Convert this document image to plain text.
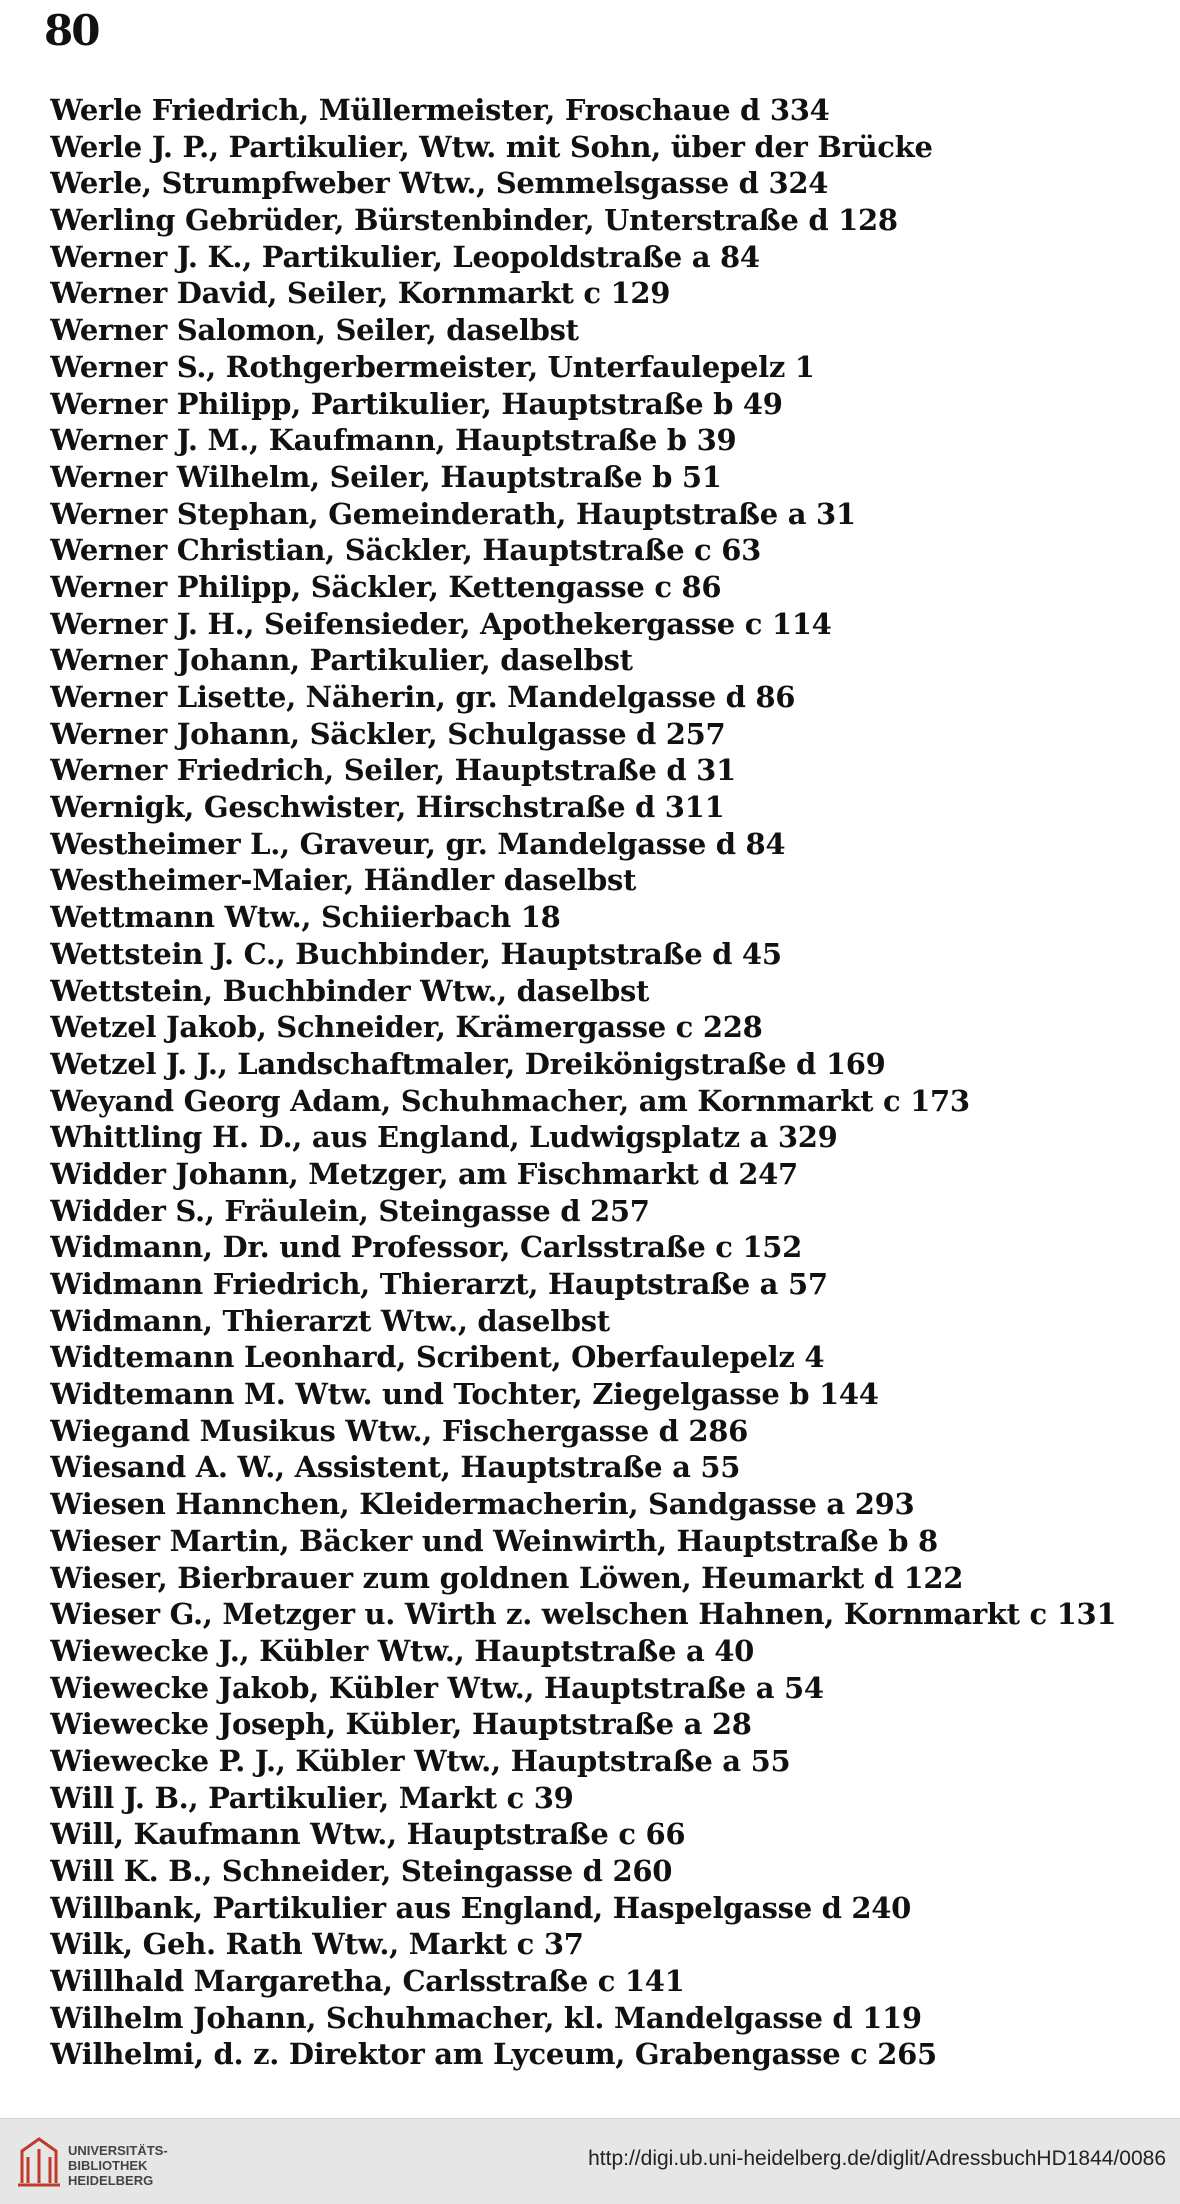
80
Werle Friedrich, Müllermeister, Froschaue d 334
Werle J. P., Partikulier, Wtw. mit Sohn, über der Brücke
Werle, Strumpfweber Wtw., Semmelsgasse d 324
Werling Gebrüder, Bürstenbinder, Unterstraße d 128
Werner J. K., Partikulier, Leopoldstraße a 84
Werner David, Seiler, Kornmarkt c 129
Werner Salomon, Seiler, daselbst
Werner S., Rothgerbermeister, Unterfaulepelz 1
Werner Philipp, Partikulier, Hauptstraße b 49
Werner J. M., Kaufmann, Hauptstraße b 39
Werner Wilhelm, Seiler, Hauptstraße b 51
Werner Stephan, Gemeinderath, Hauptstraße a 31
Werner Christian, Säckler, Hauptstraße c 63
Werner Philipp, Säckler, Kettengasse c 86
Werner J. H., Seifensieder, Apothekergasse c 114
Werner Johann, Partikulier, daselbst
Werner Lisette, Näherin, gr. Mandelgasse d 86
Werner Johann, Säckler, Schulgasse d 257
Werner Friedrich, Seiler, Hauptstraße d 31
Wernigk, Geschwister, Hirschstraße d 311
Westheimer L., Graveur, gr. Mandelgasse d 84
Westheimer-Maier, Händler daselbst
Wettmann Wtw., Schiierbach 18
Wettstein J. C., Buchbinder, Hauptstraße d 45
Wettstein, Buchbinder Wtw., daselbst
Wetzel Jakob, Schneider, Krämergasse c 228
Wetzel J. J., Landschaftmaler, Dreikönigstraße d 169
Weyand Georg Adam, Schuhmacher, am Kornmarkt c 173
Whittling H. D., aus England, Ludwigsplatz a 329
Widder Johann, Metzger, am Fischmarkt d 247
Widder S., Fräulein, Steingasse d 257
Widmann, Dr. und Professor, Carlsstraße c 152
Widmann Friedrich, Thierarzt, Hauptstraße a 57
Widmann, Thierarzt Wtw., daselbst
Widtemann Leonhard, Scribent, Oberfaulepelz 4
Widtemann M. Wtw. und Tochter, Ziegelgasse b 144
Wiegand Musikus Wtw., Fischergasse d 286
Wiesand A. W., Assistent, Hauptstraße a 55
Wiesen Hannchen, Kleidermacherin, Sandgasse a 293
Wieser Martin, Bäcker und Weinwirth, Hauptstraße b 8
Wieser, Bierbrauer zum goldnen Löwen, Heumarkt d 122
Wieser G., Metzger u. Wirth z. welschen Hahnen, Kornmarkt c 131
Wiewecke J., Kübler Wtw., Hauptstraße a 40
Wiewecke Jakob, Kübler Wtw., Hauptstraße a 54
Wiewecke Joseph, Kübler, Hauptstraße a 28
Wiewecke P. J., Kübler Wtw., Hauptstraße a 55
Will J. B., Partikulier, Markt c 39
Will, Kaufmann Wtw., Hauptstraße c 66
Will K. B., Schneider, Steingasse d 260
Willbank, Partikulier aus England, Haspelgasse d 240
Wilk, Geh. Rath Wtw., Markt c 37
Willhald Margaretha, Carlsstraße c 141
Wilhelm Johann, Schuhmacher, kl. Mandelgasse d 119
Wilhelmi, d. z. Direktor am Lyceum, Grabengasse c 265
UNIVERSITÄTS-
BIBLIOTHEK
HEIDELBERG
http://digi.ub.uni-heidelberg.de/diglit/AdressbuchHD1844/0086
